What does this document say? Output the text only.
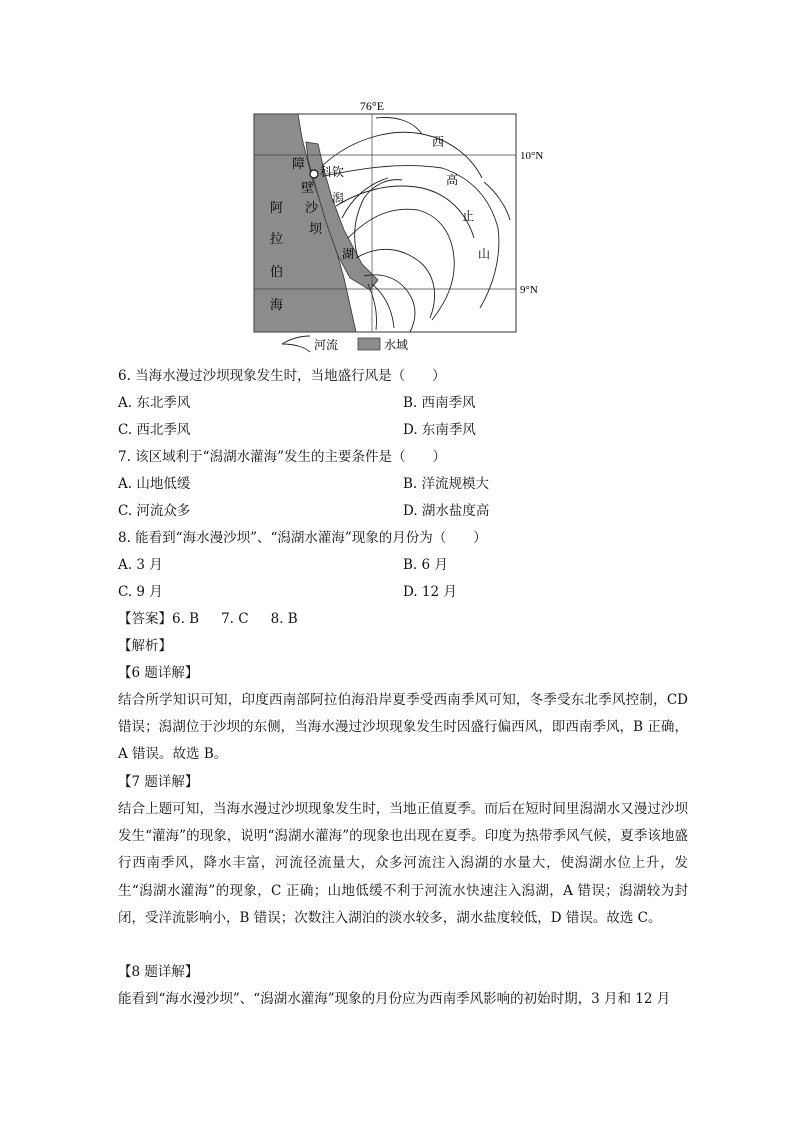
76°E
阿
拉
伯
海
障
壁
沙
坝
科钦
潟
湖
西
高
止
山
10°N
9°N
河流	水域
6. 当海水漫过沙坝现象发生时，当地盛行风是（　　）
A. 东北季风	B. 西南季风
C. 西北季风	D. 东南季风
7. 该区域利于“潟湖水灌海”发生的主要条件是（　　）
A. 山地低缓	B. 洋流规模大
C. 河流众多	D. 湖水盐度高
8. 能看到“海水漫沙坝”、“潟湖水灌海”现象的月份为（　　）
A. 3 月	B. 6 月
C. 9 月	D. 12 月
【答案】6. B 7. C 8. B
【解析】
【6 题详解】
结合所学知识可知，印度西南部阿拉伯海沿岸夏季受西南季风可知，冬季受东北季风控制，CD 错误；潟湖位于沙坝的东侧，当海水漫过沙坝现象发生时因盛行偏西风，即西南季风，B 正确，A 错误。故选 B。
【7 题详解】
结合上题可知，当海水漫过沙坝现象发生时，当地正值夏季。而后在短时间里潟湖水又漫过沙坝发生“灌海”的现象，说明“潟湖水灌海”的现象也出现在夏季。印度为热带季风气候，夏季该地盛行西南季风，降水丰富，河流径流量大，众多河流注入潟湖的水量大，使潟湖水位上升，发生“潟湖水灌海”的现象，C 正确；山地低缓不利于河流水快速注入潟湖，A 错误；潟湖较为封闭，受洋流影响小，B 错误；次数注入湖泊的淡水较多，湖水盐度较低，D 错误。故选 C。
【8 题详解】
能看到“海水漫沙坝”、“潟湖水灌海”现象的月份应为西南季风影响的初始时期，3 月和 12 月
